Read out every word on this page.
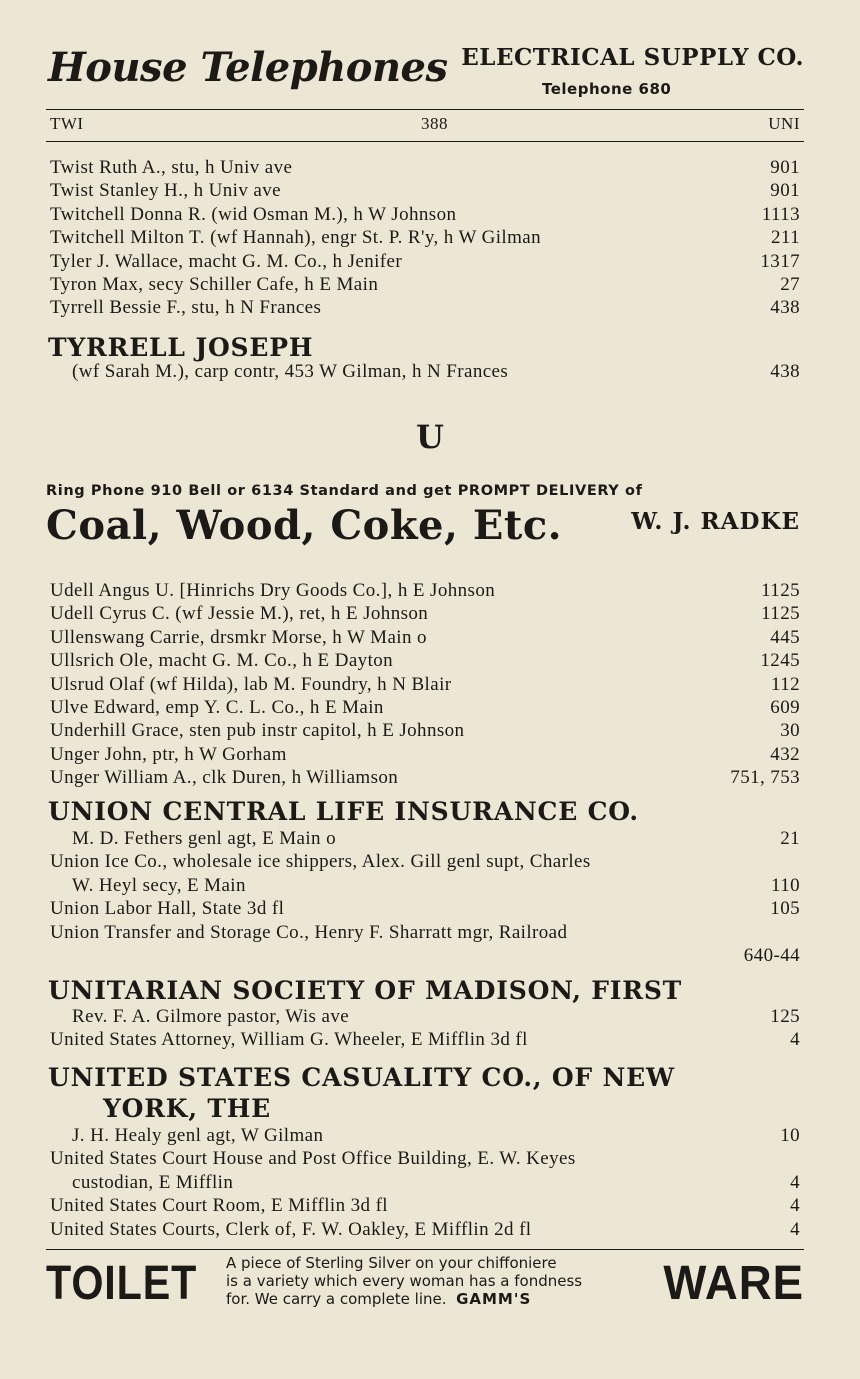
House Telephones ELECTRICAL SUPPLY CO.
Telephone 680
TWI	388	UNI
Twist Ruth A., stu, h Univ ave	901
Twist Stanley H., h Univ ave	901
Twitchell Donna R. (wid Osman M.), h W Johnson	1113
Twitchell Milton T. (wf Hannah), engr St. P. R'y, h W Gilman	211
Tyler J. Wallace, macht G. M. Co., h Jenifer	1317
Tyron Max, secy Schiller Cafe, h E Main	27
Tyrrell Bessie F., stu, h N Frances	438
TYRRELL JOSEPH
(wf Sarah M.), carp contr, 453 W Gilman, h N Frances	438
U
Ring Phone 910 Bell or 6134 Standard and get PROMPT DELIVERY of
Coal, Wood, Coke, Etc.	W. J. RADKE
Udell Angus U. [Hinrichs Dry Goods Co.], h E Johnson	1125
Udell Cyrus C. (wf Jessie M.), ret, h E Johnson	1125
Ullenswang Carrie, drsmkr Morse, h W Main o	445
Ullsrich Ole, macht G. M. Co., h E Dayton	1245
Ulsrud Olaf (wf Hilda), lab M. Foundry, h N Blair	112
Ulve Edward, emp Y. C. L. Co., h E Main	609
Underhill Grace, sten pub instr capitol, h E Johnson	30
Unger John, ptr, h W Gorham	432
Unger William A., clk Duren, h Williamson	751, 753
UNION CENTRAL LIFE INSURANCE CO.
M. D. Fethers genl agt, E Main o	21
Union Ice Co., wholesale ice shippers, Alex. Gill genl supt, Charles
W. Heyl secy, E Main	110
Union Labor Hall, State 3d fl	105
Union Transfer and Storage Co., Henry F. Sharratt mgr, Railroad
640-44
UNITARIAN SOCIETY OF MADISON, FIRST
Rev. F. A. Gilmore pastor, Wis ave	125
United States Attorney, William G. Wheeler, E Mifflin 3d fl	4
UNITED STATES CASUALITY CO., OF NEW
YORK, THE
J. H. Healy genl agt, W Gilman	10
United States Court House and Post Office Building, E. W. Keyes
custodian, E Mifflin	4
United States Court Room, E Mifflin 3d fl	4
United States Courts, Clerk of, F. W. Oakley, E Mifflin 2d fl	4
TOILET A piece of Sterling Silver on your chiffoniere
is a variety which every woman has a fondness
for. We carry a complete line. GAMM'S	WARE
